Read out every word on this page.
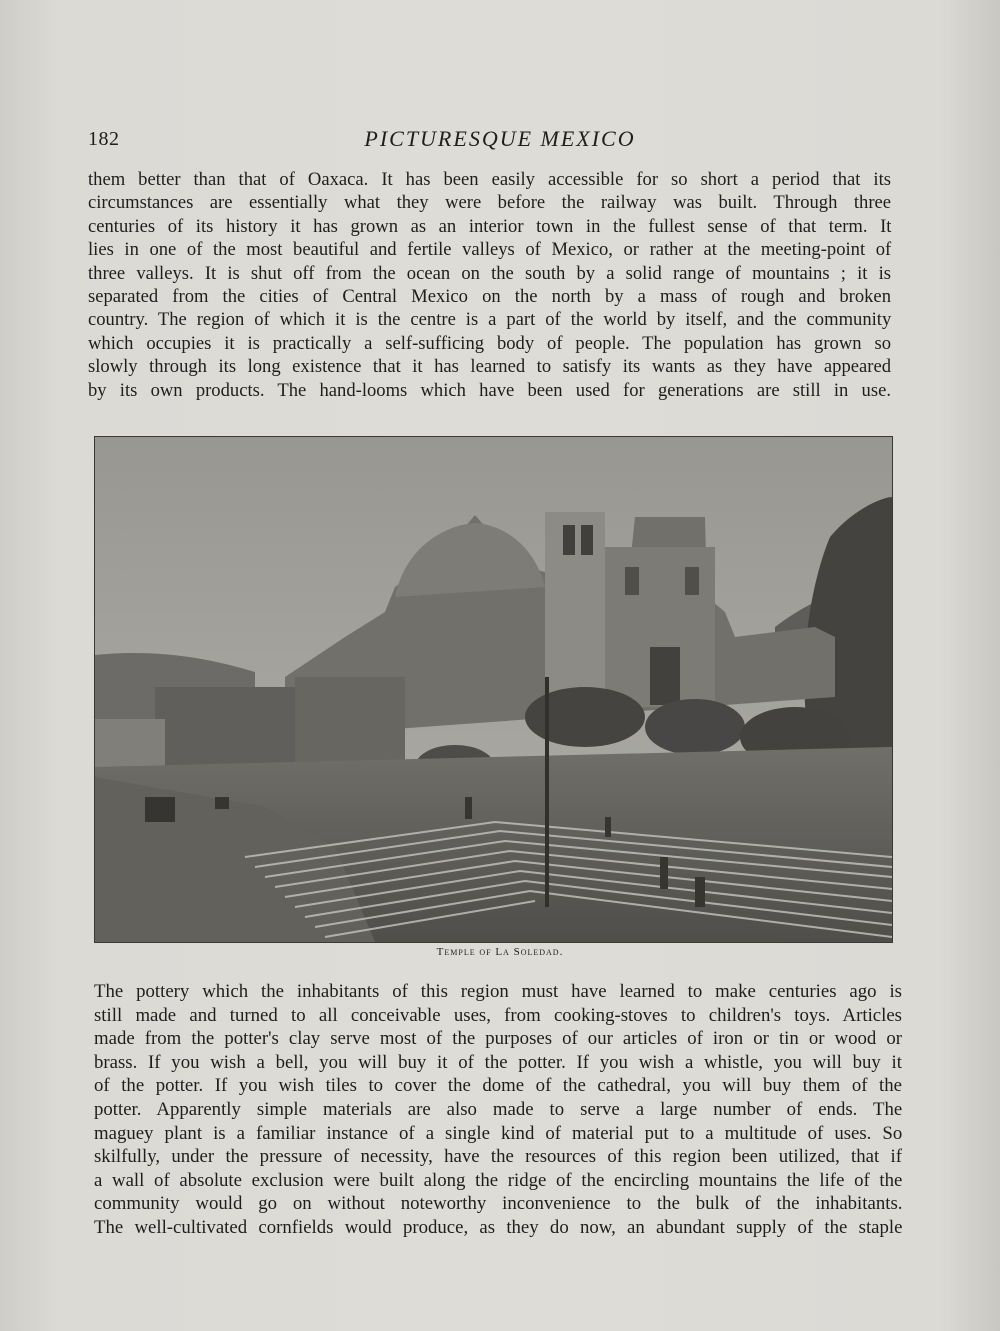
182	PICTURESQUE MEXICO

them better than that of Oaxaca. It has been easily accessible for so short a period that its
circumstances are essentially what they were before the railway was built. Through three
centuries of its history it has grown as an interior town in the fullest sense of that term. It
lies in one of the most beautiful and fertile valleys of Mexico, or rather at the meeting-point of
three valleys. It is shut off from the ocean on the south by a solid range of mountains ; it is
separated from the cities of Central Mexico on the north by a mass of rough and broken
country. The region of which it is the centre is a part of the world by itself, and the community
which occupies it is practically a self-sufficing body of people. The population has grown so
slowly through its long existence that it has learned to satisfy its wants as they have appeared
by its own products. The hand-looms which have been used for generations are still in use.

Temple of La Soledad.

The pottery which the inhabitants of this region must have learned to make centuries ago is
still made and turned to all conceivable uses, from cooking-stoves to children's toys. Articles
made from the potter's clay serve most of the purposes of our articles of iron or tin or wood or
brass. If you wish a bell, you will buy it of the potter. If you wish a whistle, you will buy it
of the potter. If you wish tiles to cover the dome of the cathedral, you will buy them of the
potter. Apparently simple materials are also made to serve a large number of ends. The
maguey plant is a familiar instance of a single kind of material put to a multitude of uses. So
skilfully, under the pressure of necessity, have the resources of this region been utilized, that if
a wall of absolute exclusion were built along the ridge of the encircling mountains the life of the
community would go on without noteworthy inconvenience to the bulk of the inhabitants.
The well-cultivated cornfields would produce, as they do now, an abundant supply of the staple
